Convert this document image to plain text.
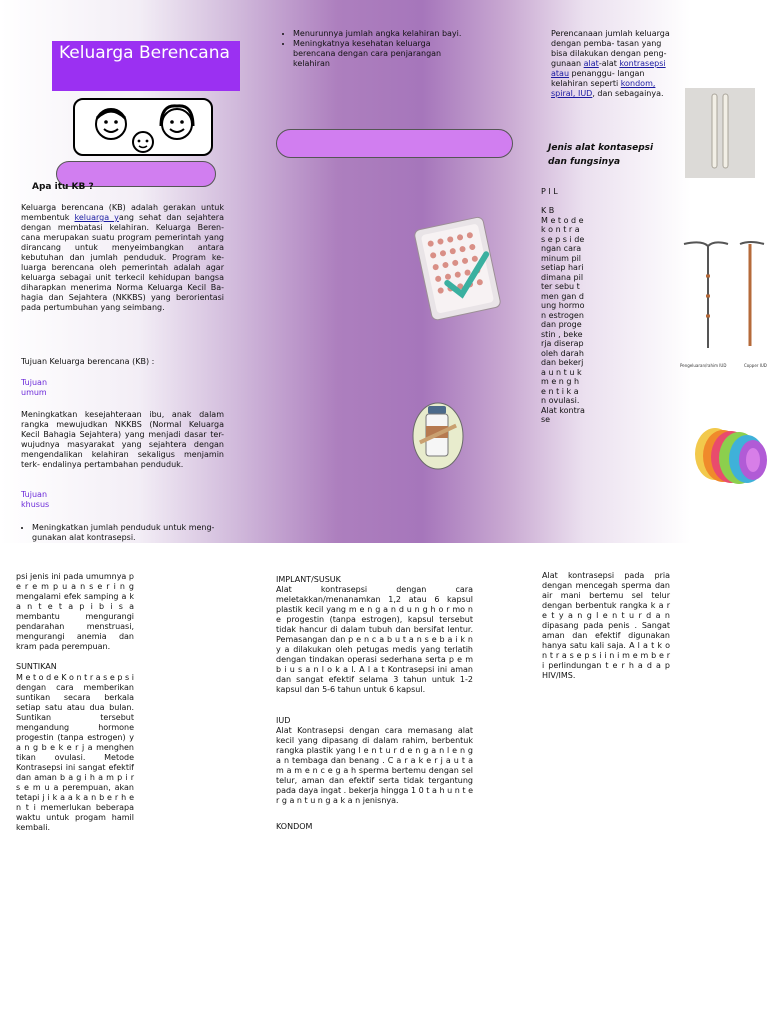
Keluarga Berencana
Apa itu KB ?
Keluarga berencana (KB) adalah gerakan untuk membentuk keluarga yang sehat dan sejahtera dengan membatasi kelahiran. Keluarga Beren- cana merupakan suatu program pemerintah yang dirancang untuk menyeimbangkan antara kebutuhan dan jumlah penduduk. Program ke- luarga berencana oleh pemerintah adalah agar keluarga sebagai unit terkecil kehidupan bangsa diharapkan menerima Norma Keluarga Kecil Ba- hagia dan Sejahtera (NKKBS) yang berorientasi pada pertumbuhan yang seimbang.
Tujuan Keluarga berencana (KB) :
Tujuan umum
Meningkatkan kesejahteraan ibu, anak dalam rangka mewujudkan NKKBS (Normal Keluarga Kecil Bahagia Sejahtera) yang menjadi dasar ter- wujudnya masyarakat yang sejahtera dengan mengendalikan kelahiran sekaligus menjamin terk- endalinya pertambahan penduduk.
Tujuan khusus
• Meningkatkan jumlah penduduk untuk meng- gunakan alat kontrasepsi.
• Menurunnya jumlah angka kelahiran bayi.
• Meningkatnya kesehatan keluarga berencana dengan cara penjarangan kelahiran
Perencanaan jumlah keluarga dengan pemba- tasan yang bisa dilakukan dengan peng- gunaan alat-alat kontrasepsi atau penanggu- langan kelahiran seperti kondom, spiral, IUD, dan sebagainya.
Jenis alat kontasepsi dan fungsinya
P I L

K B
M e t o d e k o n t r a s e p s i dengan cara minum pil setiap hari dimana pil ter sebu t men gan dung hormon estrogen dan progestin , bekerja diserap oleh darah dan bekerja u n t u k m e n g h e n t i k a n ovulasi. Alat kontrase
Pengeluaran/rahim IUD	Copper IUD
psi jenis ini pada umumnya p e r e m p u a n s e r i n g mengalami efek samping a k a n t e t a p i b i s a membantu mengurangi pendarahan menstruasi, mengurangi anemia dan kram pada perempuan.
SUNTIKAN
M e t o d e K o n t r a s e p s i dengan cara memberikan suntikan secara berkala setiap satu atau dua bulan. Suntikan tersebut mengandung hormone progestin (tanpa estrogen) y a n g b e k e r j a menghen tikan ovulasi. Metode Kontrasepsi ini sangat efektif dan aman b a g i h a m p i r s e m u a perempuan, akan tetapi j i k a a k a n b e r h e n t i memerlukan beberapa waktu untuk progam hamil kembali.
IMPLANT/SUSUK
Alat kontrasepsi dengan cara meletakkan/menanamkan 1,2 atau 6 kapsul plastik kecil yang m e n g a n d u n g h o r mo n e progestin (tanpa estrogen), kapsul tersebut tidak hancur di dalam tubuh dan bersifat lentur. Pemasangan dan p e n c a b u t a n s e b a i k n y a dilakukan oleh petugas medis yang terlatih dengan tindakan operasi sederhana serta p e m b i u s a n l o k a l. A l a t Kontrasepsi ini aman dan sangat efektif selama 3 tahun untuk 1-2 kapsul dan 5-6 tahun untuk 6 kapsul.
IUD
Alat Kontrasepsi dengan cara memasang alat kecil yang dipasang di dalam rahim, berbentuk rangka plastik yang l e n t u r d e n g a n l e n g a n tembaga dan benang . C a r a k e r j a u t a m a m e n c e g a h sperma bertemu dengan sel telur, aman dan efektif serta tidak tergantung pada daya ingat . bekerja hingga 1 0 t a h u n t e r g a n t u n g a k a n jenisnya.
KONDOM
Alat kontrasepsi pada pria dengan mencegah sperma dan air mani bertemu sel telur dengan berbentuk rangka k a r e t y a n g l e n t u r d a n dipasang pada penis . Sangat aman dan efektif digunakan hanya satu kali saja. A l a t k o n t r a s e p s i i n i m e m b e r i perlindungan t e r h a d a p HIV/IMS.
